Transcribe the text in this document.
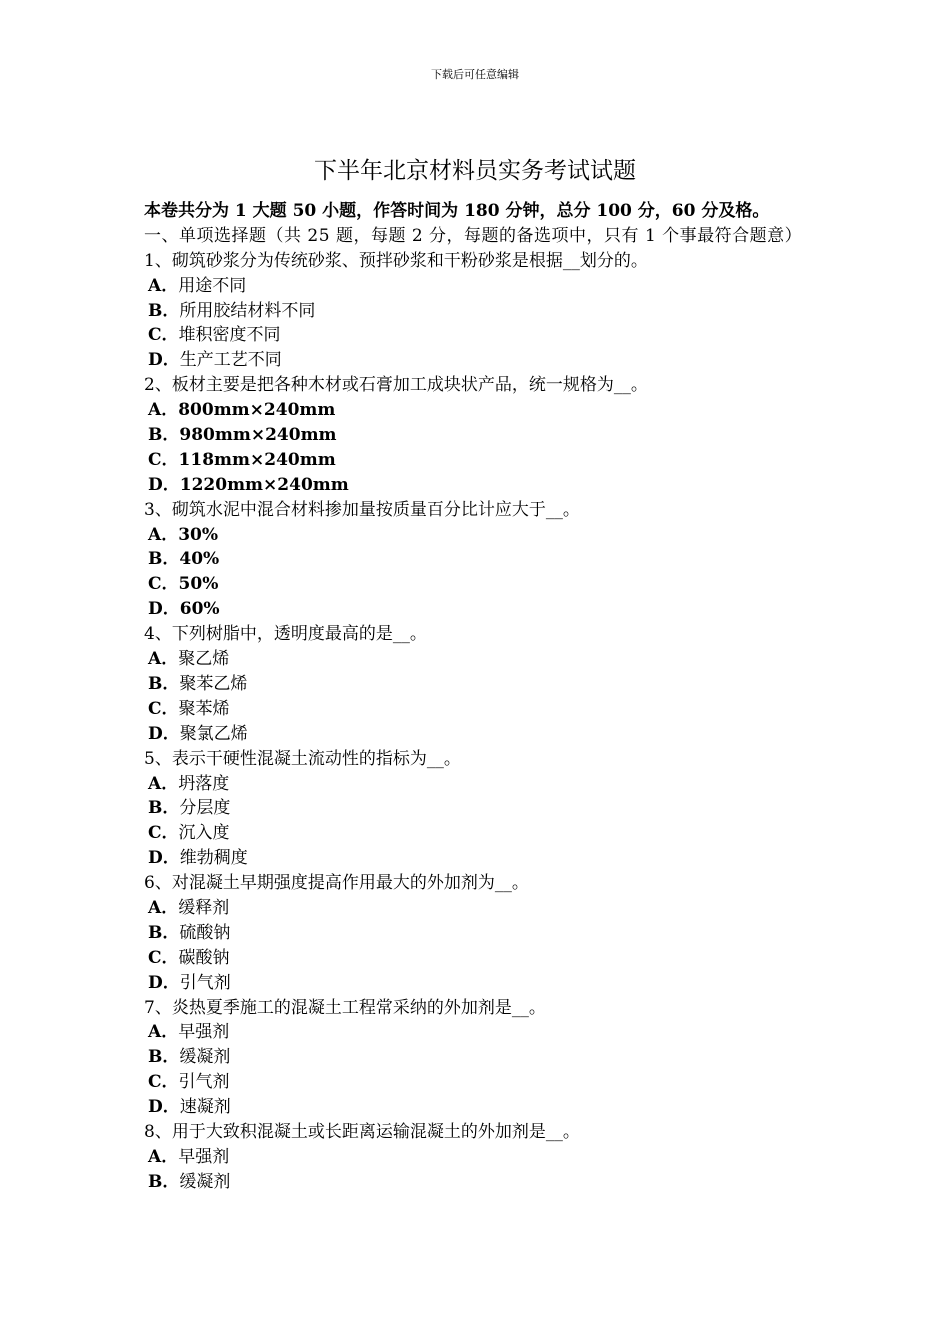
下载后可任意编辑
下半年北京材料员实务考试试题
本卷共分为 1 大题 50 小题，作答时间为 180 分钟，总分 100 分，60 分及格。
一、单项选择题（共 25 题，每题 2 分，每题的备选项中，只有 1 个事最符合题意）
1、砌筑砂浆分为传统砂浆、预拌砂浆和干粉砂浆是根据__划分的。
A．用途不同
B．所用胶结材料不同
C．堆积密度不同
D．生产工艺不同
2、板材主要是把各种木材或石膏加工成块状产品，统一规格为__。
A．800mm×240mm
B．980mm×240mm
C．118mm×240mm
D．1220mm×240mm
3、砌筑水泥中混合材料掺加量按质量百分比计应大于__。
A．30%
B．40%
C．50%
D．60%
4、下列树脂中，透明度最高的是__。
A．聚乙烯
B．聚苯乙烯
C．聚苯烯
D．聚氯乙烯
5、表示干硬性混凝土流动性的指标为__。
A．坍落度
B．分层度
C．沉入度
D．维勃稠度
6、对混凝土早期强度提高作用最大的外加剂为__。
A．缓释剂
B．硫酸钠
C．碳酸钠
D．引气剂
7、炎热夏季施工的混凝土工程常采纳的外加剂是__。
A．早强剂
B．缓凝剂
C．引气剂
D．速凝剂
8、用于大致积混凝土或长距离运输混凝土的外加剂是__。
A．早强剂
B．缓凝剂
